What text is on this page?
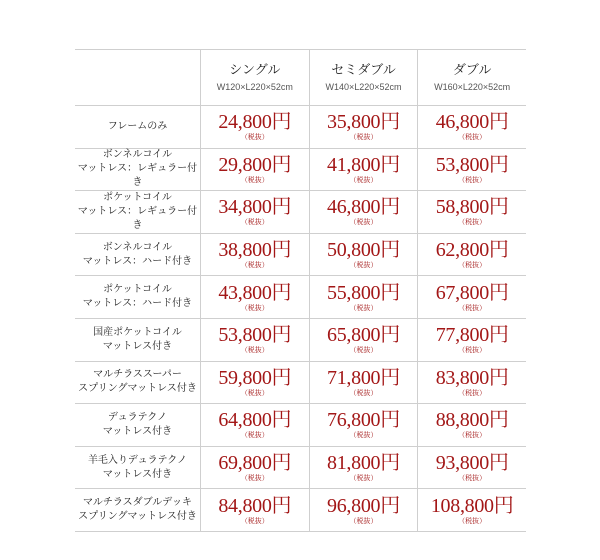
シングル
W120×L220×52cm
セミダブル
W140×L220×52cm
ダブル
W160×L220×52cm
フレームのみ	24,800円
（税抜）
35,800円
（税抜）
46,800円
（税抜）
ボンネルコイル
マットレス：レギュラー付き
29,800円
（税抜）
41,800円
（税抜）
53,800円
（税抜）
ポケットコイル
マットレス：レギュラー付き
34,800円
（税抜）
46,800円
（税抜）
58,800円
（税抜）
ボンネルコイル
マットレス：ハード付き 38,800円
（税抜）
50,800円
（税抜）
62,800円
（税抜）
ポケットコイル
マットレス：ハード付き 43,800円
（税抜）
55,800円
（税抜）
67,800円
（税抜）
国産ポケットコイル
マットレス付き 53,800円
（税抜）
65,800円
（税抜）
77,800円
（税抜）
マルチラススーパー
スプリングマットレス付き 59,800円
（税抜）
71,800円
（税抜）
83,800円
（税抜）
デュラテクノ
マットレス付き 64,800円
（税抜）
76,800円
（税抜）
88,800円
（税抜）
羊毛入りデュラテクノ
マットレス付き 69,800円
（税抜）
81,800円
（税抜）
93,800円
（税抜）
マルチラスダブルデッキ
スプリングマットレス付き 84,800円
（税抜）
96,800円
（税抜）
108,800円
（税抜）
